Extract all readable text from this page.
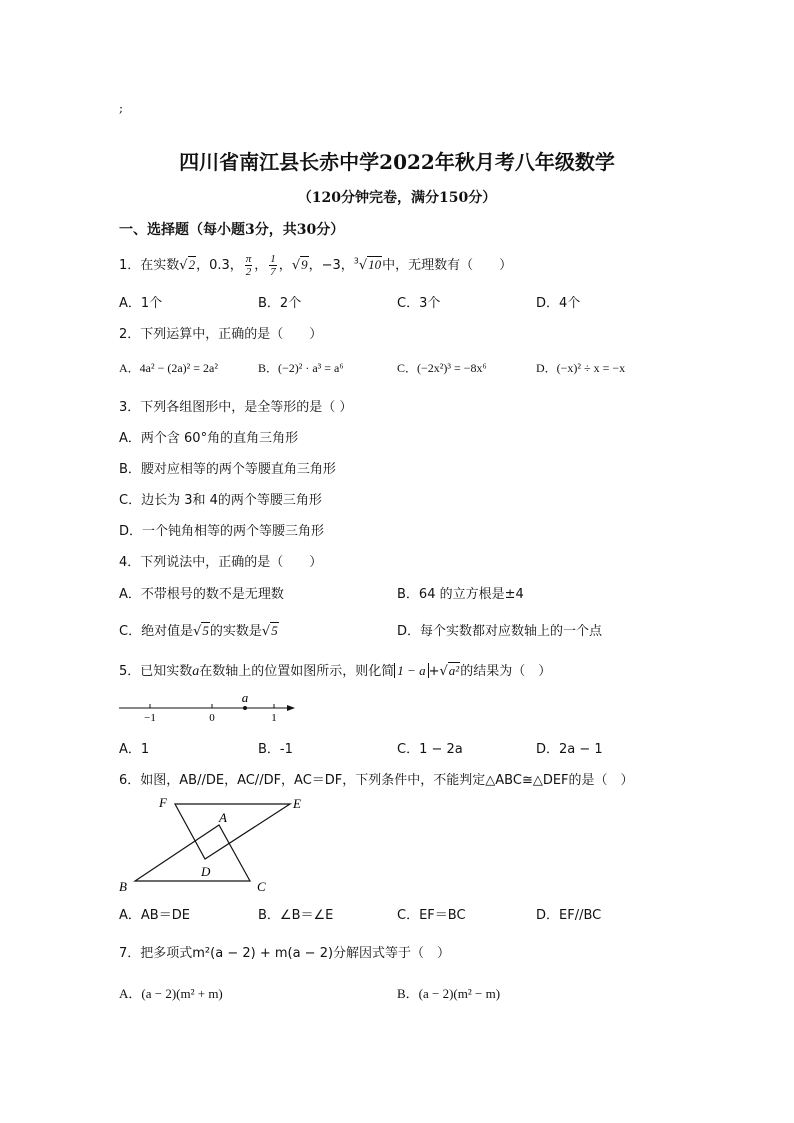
;
四川省南江县长赤中学2022年秋月考八年级数学
（120分钟完卷，满分150分）
一、选择题（每小题3分，共30分）
1．在实数√2，0.3， $\frac{\pi}{2}$ ， $\frac{1}{7}$ ，√9，−3，$^3$√10中，无理数有（　　）
A．1个	B．2个	C．3个	D．4个
2．下列运算中，正确的是（　　）
A．4a² − (2a)² = 2a²	B．(−2)² · a³ = a⁶	C．(−2x²)³ = −8x⁶	D．(−x)² ÷ x = −x
3．下列各组图形中，是全等形的是（ ）
A．两个含 60°角的直角三角形
B．腰对应相等的两个等腰直角三角形
C．边长为 3和 4的两个等腰三角形
D．一个钝角相等的两个等腰三角形
4．下列说法中，正确的是（　　）
A．不带根号的数不是无理数	B．64 的立方根是±4
C．绝对值是√5的实数是√5	D．每个实数都对应数轴上的一个点
5．已知实数a在数轴上的位置如图所示，则化简 1 − a +√a²的结果为（　）
a
−1	0	1
A．1	B．-1	C．1 − 2a	D．2a − 1
6．如图，AB//DE，AC//DF，AC＝DF，下列条件中，不能判定△ABC≅△DEF的是（　）
F	E
A
D
B	C
A．AB＝DE	B．∠B＝∠E	C．EF＝BC	D．EF//BC
7．把多项式m²(a − 2) + m(a − 2)分解因式等于（　）
A．(a − 2)(m² + m)	B．(a − 2)(m² − m)
